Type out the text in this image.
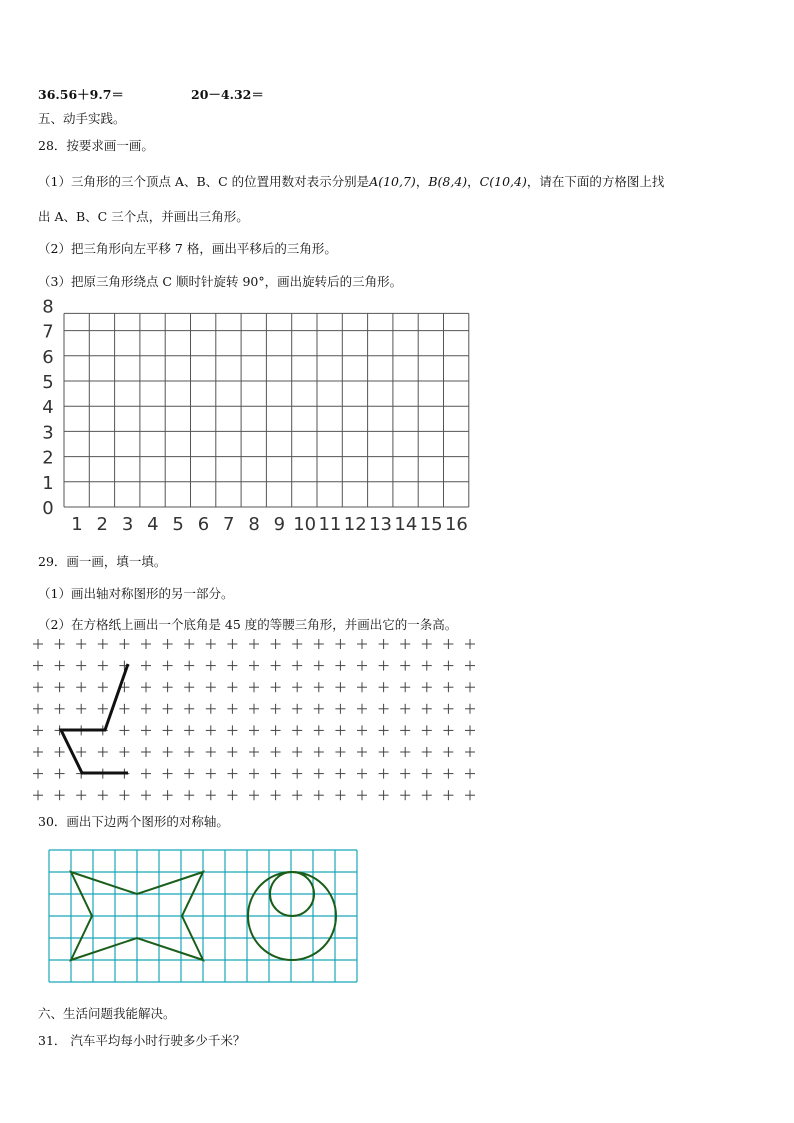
36.56＋9.7＝	20－4.32＝
五、动手实践。
28．按要求画一画。
（1）三角形的三个顶点 A、B、C 的位置用数对表示分别是A(10,7)，B(8,4)，C(10,4)，请在下面的方格图上找
出 A、B、C 三个点，并画出三角形。
（2）把三角形向左平移 7 格，画出平移后的三角形。
（3）把原三角形绕点 C 顺时针旋转 90°，画出旋转后的三角形。
0
1
2
3
4
5
6
7
8
1 2 3 4 5 6 7 8 9 10 11 12 13 14 15 16
29．画一画，填一填。
（1）画出轴对称图形的另一部分。
（2）在方格纸上画出一个底角是 45 度的等腰三角形，并画出它的一条高。
30．画出下边两个图形的对称轴。
六、生活问题我能解决。
31． 汽车平均每小时行驶多少千米？
